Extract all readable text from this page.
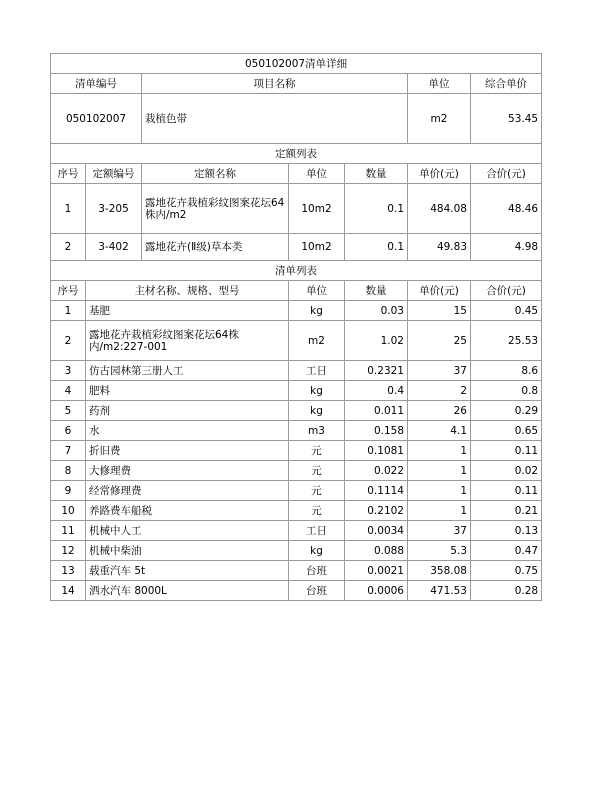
050102007清单详细						
清单编号		项目名称			单位	综合单价
050102007		栽植色带			m2	53.45
定额列表						
序号	定额编号	定额名称	单位	数量	单价(元)	合价(元)
1	3-205	露地花卉栽植彩纹图案花坛64株内/m2	10m2	0.1	484.08	48.46
2	3-402	露地花卉(Ⅱ级)草本类	10m2	0.1	49.83	4.98
清单列表						
序号	主材名称、规格、型号		单位	数量	单价(元)	合价(元)
1	基肥		kg	0.03	15	0.45
2	露地花卉栽植彩纹图案花坛64株内/m2:227-001		m2	1.02	25	25.53
3	仿古园林第三册人工		工日	0.2321	37	8.6
4	肥料		kg	0.4	2	0.8
5	药剂		kg	0.011	26	0.29
6	水		m3	0.158	4.1	0.65
7	折旧费		元	0.1081	1	0.11
8	大修理费		元	0.022	1	0.02
9	经常修理费		元	0.1114	1	0.11
10	养路费车船税		元	0.2102	1	0.21
11	机械中人工		工日	0.0034	37	0.13
12	机械中柴油		kg	0.088	5.3	0.47
13	载重汽车 5t		台班	0.0021	358.08	0.75
14	洒水汽车 8000L		台班	0.0006	471.53	0.28
